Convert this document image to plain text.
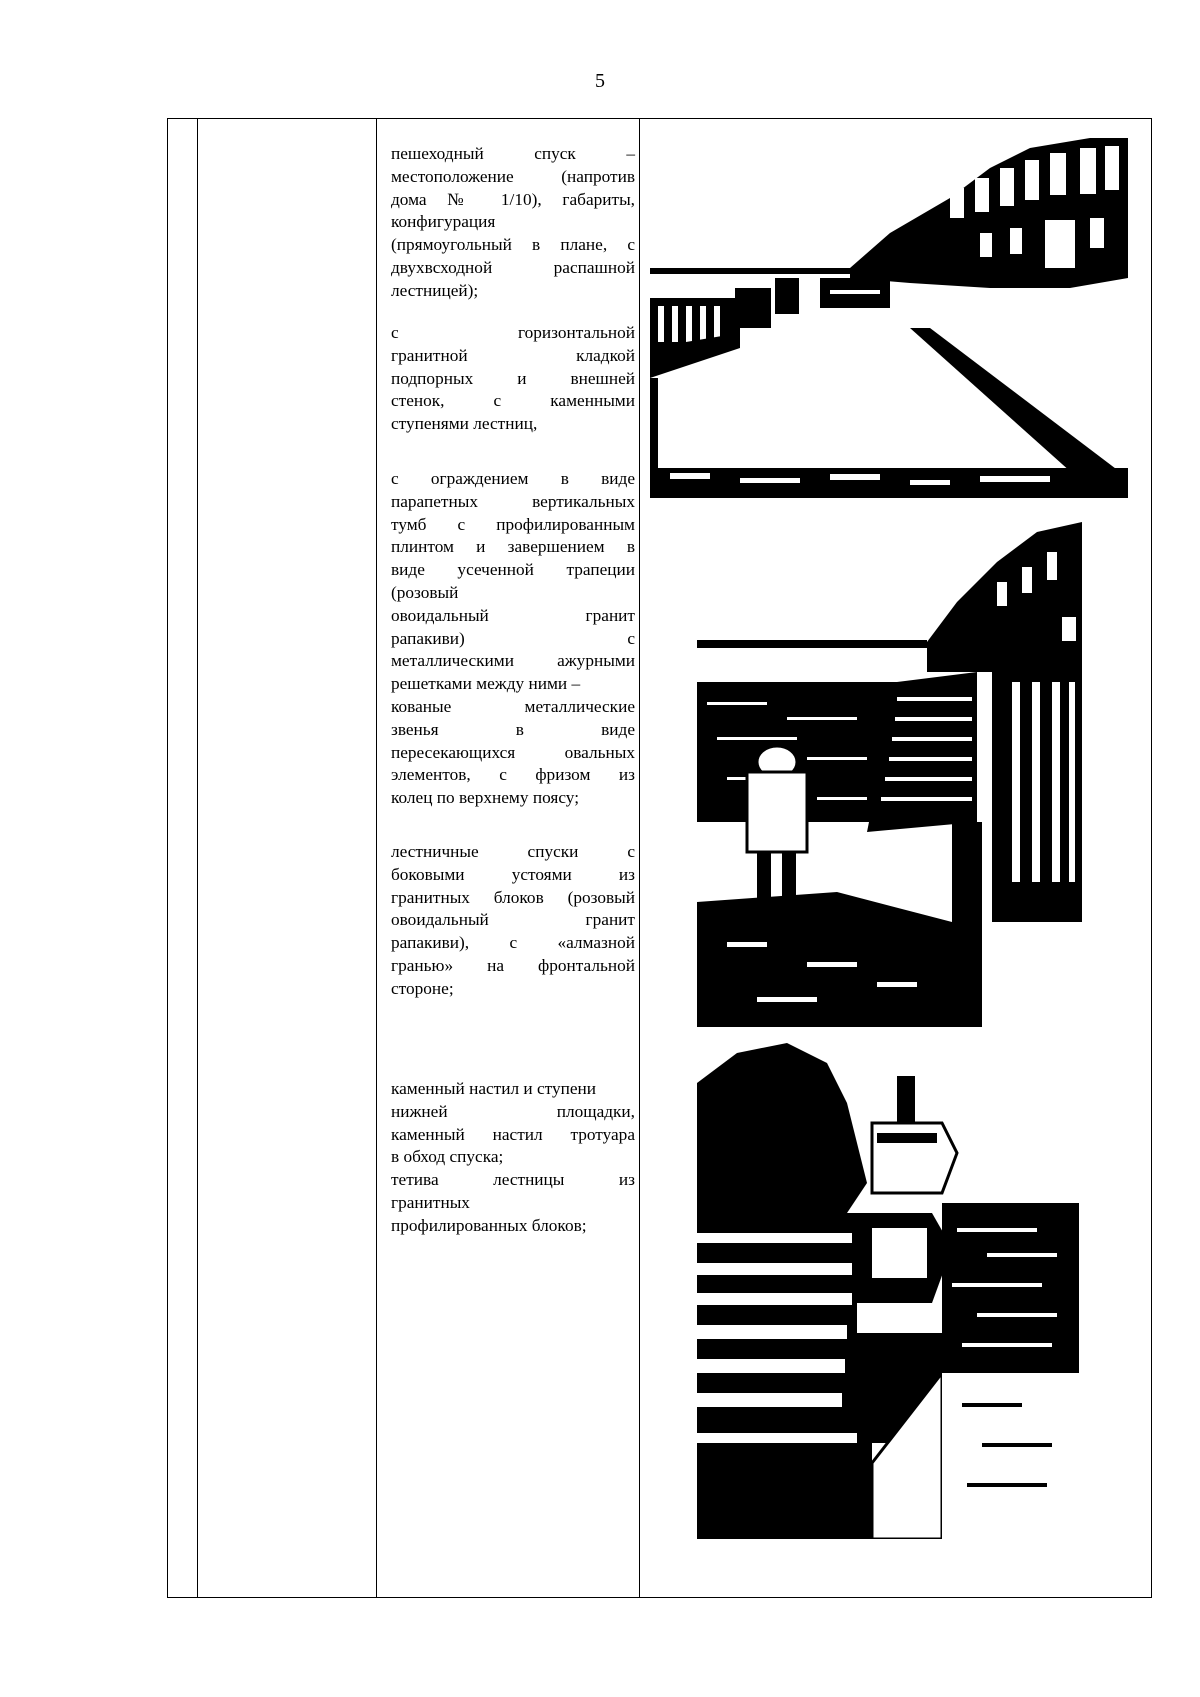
5
пешеходный спуск –
местоположение (напротив
дома № 1/10), габариты,
конфигурация
(прямоугольный в плане, с
двухвсходной распашной
лестницей);
с горизонтальной
гранитной кладкой
подпорных и внешней
стенок, с каменными
ступенями лестниц,
с ограждением в виде
парапетных вертикальных
тумб с профилированным
плинтом и завершением в
виде усеченной трапеции
(розовый
овоидальный гранит
рапакиви) с
металлическими ажурными
решетками между ними –
кованые металлические
звенья в виде
пересекающихся овальных
элементов, с фризом из
колец по верхнему поясу;
лестничные спуски с
боковыми устоями из
гранитных блоков (розовый
овоидальный гранит
рапакиви), с «алмазной
гранью» на фронтальной
стороне;
каменный настил и ступени
нижней площадки,
каменный настил тротуара
в обход спуска;
тетива лестницы из
гранитных
профилированных блоков;
